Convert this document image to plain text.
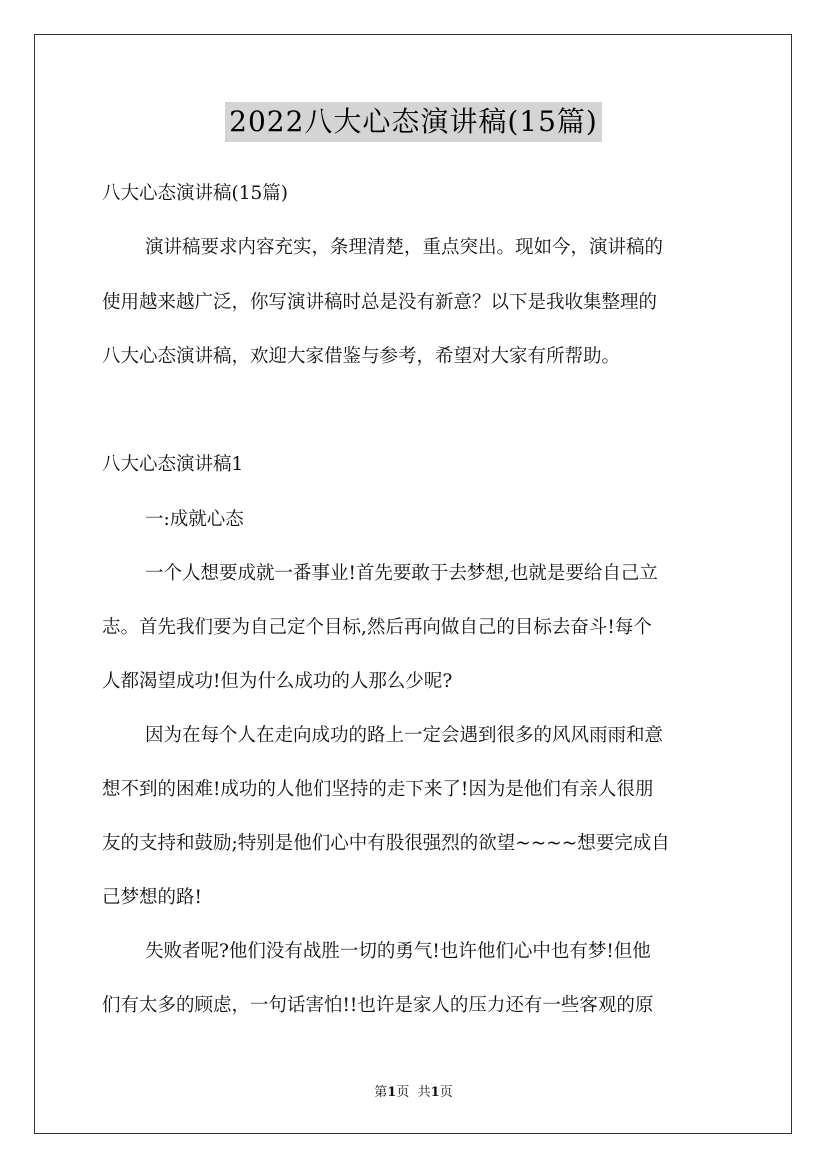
2022八大心态演讲稿(15篇)
八大心态演讲稿(15篇)
演讲稿要求内容充实，条理清楚，重点突出。现如今，演讲稿的
使用越来越广泛，你写演讲稿时总是没有新意？以下是我收集整理的
八大心态演讲稿，欢迎大家借鉴与参考，希望对大家有所帮助。
八大心态演讲稿1
一:成就心态
一个人想要成就一番事业!首先要敢于去梦想,也就是要给自己立
志。首先我们要为自己定个目标,然后再向做自己的目标去奋斗!每个
人都渴望成功!但为什么成功的人那么少呢?
因为在每个人在走向成功的路上一定会遇到很多的风风雨雨和意
想不到的困难!成功的人他们坚持的走下来了!因为是他们有亲人很朋
友的支持和鼓励;特别是他们心中有股很强烈的欲望~~~~想要完成自
己梦想的路!
失败者呢?他们没有战胜一切的勇气!也许他们心中也有梦!但他
们有太多的顾虑，一句话害怕!!也许是家人的压力还有一些客观的原
第1页 共1页
